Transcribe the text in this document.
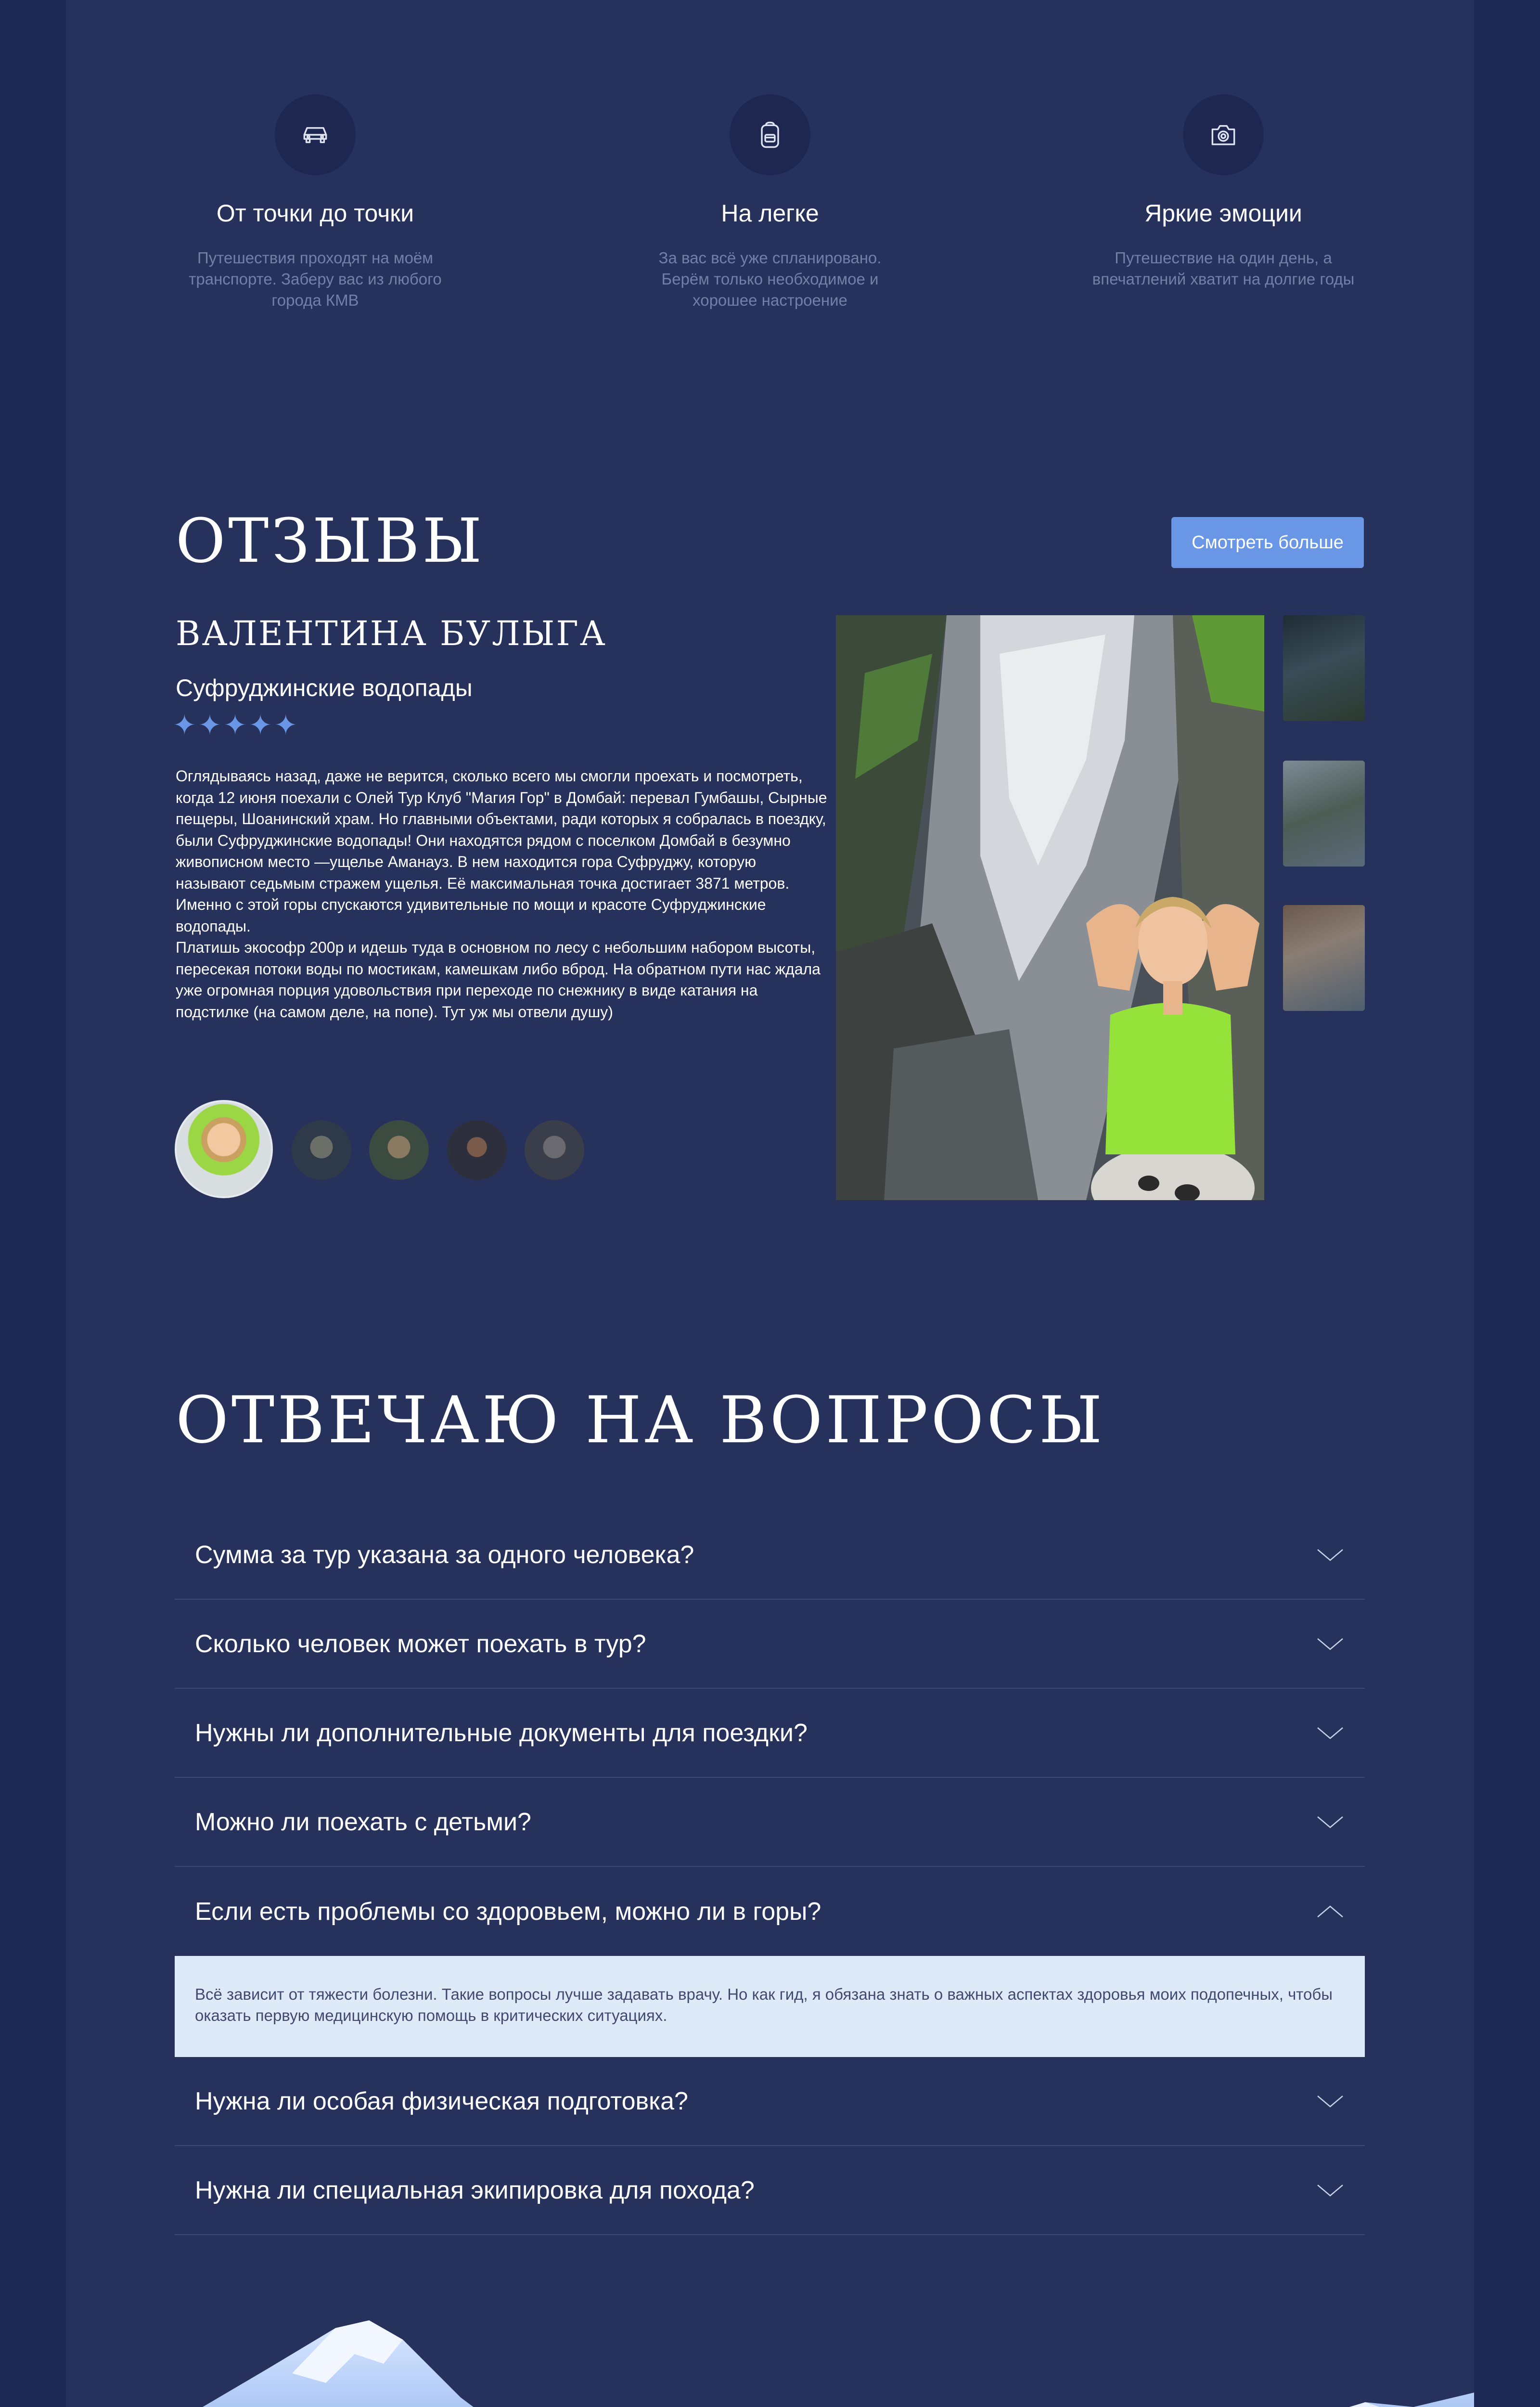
От точки до точки

Путешествия проходят на моём транспорте. Заберу вас из любого города КМВ

На легке

За вас всё уже спланировано. Берём только необходимое и хорошее настроение

Яркие эмоции

Путешествие на один день, а впечатлений хватит на долгие годы

ОТЗЫВЫ	Смотреть больше
ВАЛЕНТИНА БУЛЫГА
Суфруджинские водопады
✦✦✦✦✦
Оглядываясь назад, даже не верится, сколько всего мы смогли проехать и посмотреть, когда 12 июня поехали с Олей Тур Клуб "Магия Гор" в Домбай: перевал Гумбашы, Сырные пещеры, Шоанинский храм. Но главными объектами, ради которых я собралась в поездку, были Суфруджинские водопады! Они находятся рядом с поселком Домбай в безумно живописном место —ущелье Аманауз. В нем находится гора Суфруджу, которую называют седьмым стражем ущелья. Её максимальная точка достигает 3871 метров. Именно с этой горы спускаются удивительные по мощи и красоте Суфруджинские водопады.
Платишь экософр 200р и идешь туда в основном по лесу с небольшим набором высоты, пересекая потоки воды по мостикам, камешкам либо вброд. На обратном пути нас ждала уже огромная порция удовольствия при переходе по снежнику в виде катания на подстилке (на самом деле, на попе). Тут уж мы отвели душу)
ОТВЕЧАЮ НА ВОПРОСЫ
Сумма за тур указана за одного человека?
Сколько человек может поехать в тур?
Нужны ли дополнительные документы для поездки?
Можно ли поехать с детьми?
Если есть проблемы со здоровьем, можно ли в горы?
Всё зависит от тяжести болезни. Такие вопросы лучше задавать врачу. Но как гид, я обязана знать о важных аспектах здоровья моих подопечных, чтобы оказать первую медицинскую помощь в критических ситуациях.
Нужна ли особая физическая подготовка?
Нужна ли специальная экипировка для похода?
